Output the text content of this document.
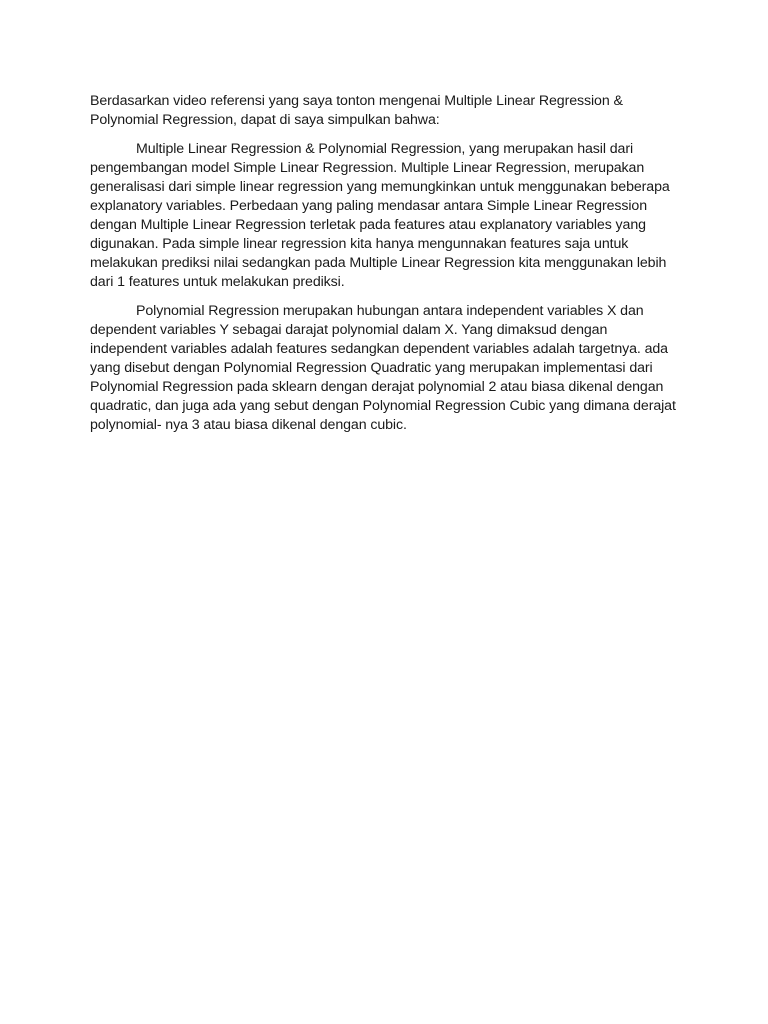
Berdasarkan video referensi yang saya tonton mengenai Multiple Linear Regression & Polynomial Regression, dapat di saya simpulkan bahwa:

Multiple Linear Regression & Polynomial Regression, yang merupakan hasil dari pengembangan model Simple Linear Regression. Multiple Linear Regression, merupakan generalisasi dari simple linear regression yang memungkinkan untuk menggunakan beberapa explanatory variables. Perbedaan yang paling mendasar antara Simple Linear Regression dengan Multiple Linear Regression terletak pada features atau explanatory variables yang digunakan. Pada simple linear regression kita hanya mengunnakan features saja untuk melakukan prediksi nilai sedangkan pada Multiple Linear Regression kita menggunakan lebih dari 1 features untuk melakukan prediksi.

Polynomial Regression merupakan hubungan antara independent variables X dan dependent variables Y sebagai darajat polynomial dalam X. Yang dimaksud dengan independent variables adalah features sedangkan dependent variables adalah targetnya. ada yang disebut dengan Polynomial Regression Quadratic yang merupakan implementasi dari Polynomial Regression pada sklearn dengan derajat polynomial 2 atau biasa dikenal dengan quadratic, dan juga ada yang sebut dengan Polynomial Regression Cubic yang dimana derajat polynomial- nya 3 atau biasa dikenal dengan cubic.
